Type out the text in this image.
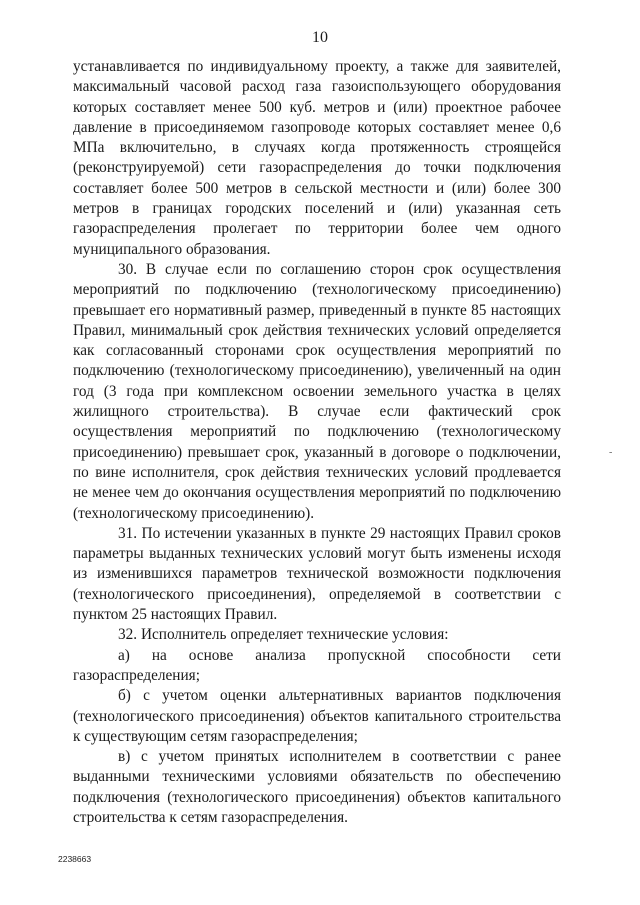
10

устанавливается по индивидуальному проекту, а также для заявителей, максимальный часовой расход газа газоиспользующего оборудования которых составляет менее 500 куб. метров и (или) проектное рабочее давление в присоединяемом газопроводе которых составляет менее 0,6 МПа включительно, в случаях когда протяженность строящейся (реконструируемой) сети газораспределения до точки подключения составляет более 500 метров в сельской местности и (или) более 300 метров в границах городских поселений и (или) указанная сеть газораспределения пролегает по территории более чем одного муниципального образования.

30. В случае если по соглашению сторон срок осуществления мероприятий по подключению (технологическому присоединению) превышает его нормативный размер, приведенный в пункте 85 настоящих Правил, минимальный срок действия технических условий определяется как согласованный сторонами срок осуществления мероприятий по подключению (технологическому присоединению), увеличенный на один год (3 года при комплексном освоении земельного участка в целях жилищного строительства). В случае если фактический срок осуществления мероприятий по подключению (технологическому присоединению) превышает срок, указанный в договоре о подключении, по вине исполнителя, срок действия технических условий продлевается не менее чем до окончания осуществления мероприятий по подключению (технологическому присоединению).

31. По истечении указанных в пункте 29 настоящих Правил сроков параметры выданных технических условий могут быть изменены исходя из изменившихся параметров технической возможности подключения (технологического присоединения), определяемой в соответствии с пунктом 25 настоящих Правил.

32. Исполнитель определяет технические условия:

а) на основе анализа пропускной способности сети газораспределения;

б) с учетом оценки альтернативных вариантов подключения (технологического присоединения) объектов капитального строительства к существующим сетям газораспределения;

в) с учетом принятых исполнителем в соответствии с ранее выданными техническими условиями обязательств по обеспечению подключения (технологического присоединения) объектов капитального строительства к сетям газораспределения.

-
2238663
